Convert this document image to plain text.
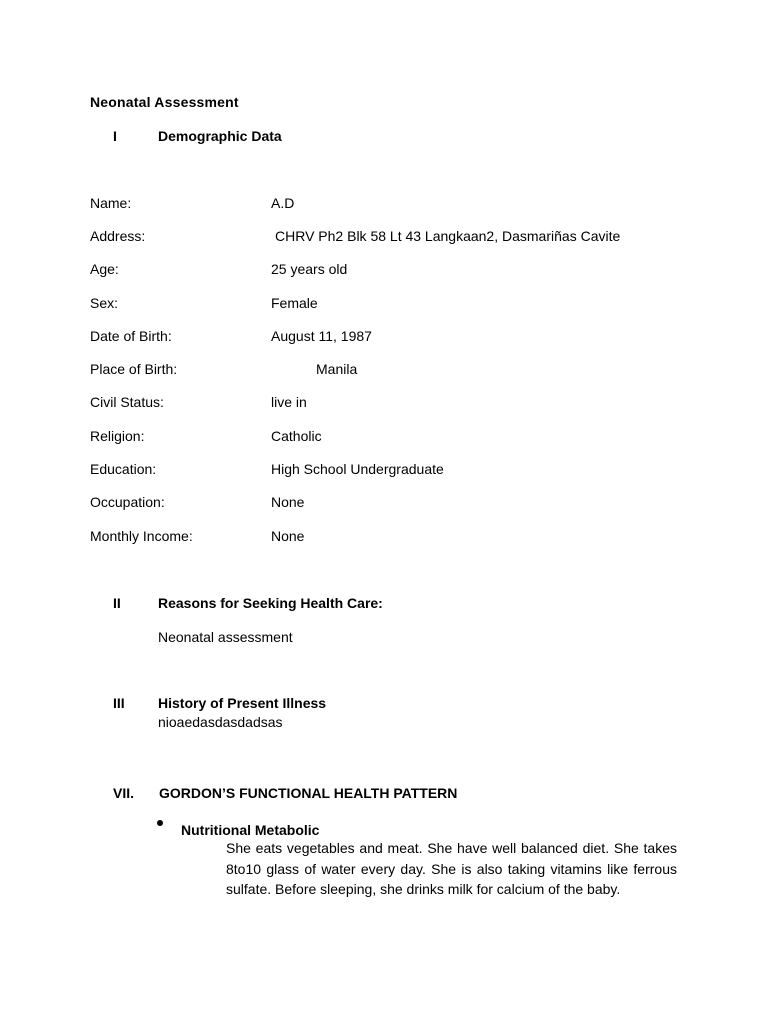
Neonatal Assessment
I	Demographic Data
Name:	A.D
Address:	CHRV Ph2 Blk 58 Lt 43 Langkaan2, Dasmariñas Cavite
Age:	25 years old
Sex:	Female
Date of Birth:	August 11, 1987
Place of Birth:	Manila
Civil Status:	live in
Religion:	Catholic
Education:	High School Undergraduate
Occupation:	None
Monthly Income:	None
II	Reasons for Seeking Health Care:
Neonatal assessment
III History of Present Illness
nioaedasdasdadsas
VII. GORDON’S FUNCTIONAL HEALTH PATTERN
Nutritional Metabolic
She eats vegetables and meat. She have well balanced diet. She takes 8to10 glass of water every day. She is also taking vitamins like ferrous sulfate. Before sleeping, she drinks milk for calcium of the baby.
